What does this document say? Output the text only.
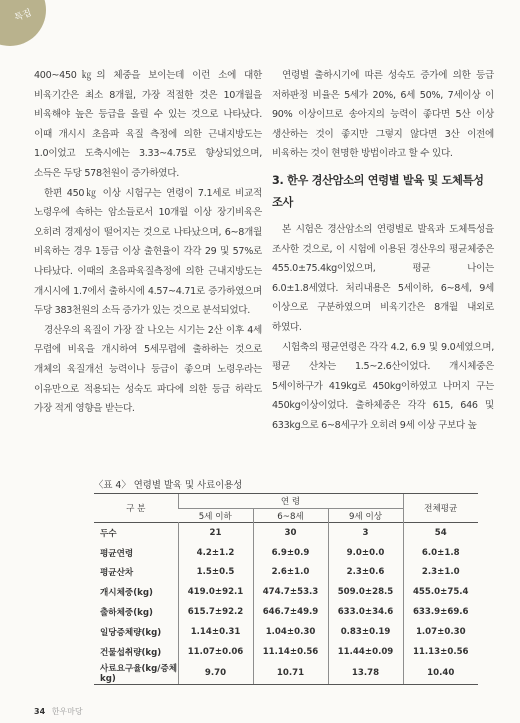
특집

400~450㎏의 체중을 보이는데 이런 소에 대한 비육기간은 최소 8개월, 가장 적절한 것은 10개월을 비육해야 높은 등급을 올릴 수 있는 것으로 나타났다. 이때 개시시 초음파 육질 측정에 의한 근내지방도는 1.0이었고 도축시에는 3.33~4.75로 향상되었으며, 소득은 두당 578천원이 증가하였다.

한편 450㎏ 이상 시험구는 연령이 7.1세로 비교적 노령우에 속하는 암소들로서 10개월 이상 장기비육은 오히려 경제성이 떨어지는 것으로 나타났으며, 6~8개월 비육하는 경우 1등급 이상 출현율이 각각 29 및 57%로 나타났다. 이때의 초음파육질측정에 의한 근내지방도는 개시시에 1.7에서 출하시에 4.57~4.71로 증가하였으며 두당 383천원의 소득 증가가 있는 것으로 분석되었다.

경산우의 육질이 가장 잘 나오는 시기는 2산 이후 4세 무렵에 비육을 개시하여 5세무렵에 출하하는 것으로 개체의 육질개선 능력이나 등급이 좋으며 노령우라는 이유만으로 적용되는 성숙도 파다에 의한 등급 하락도 가장 적게 영향을 받는다.

연령별 출하시기에 따른 성숙도 증가에 의한 등급 저하판정 비율은 5세가 20%, 6세 50%, 7세이상 이 90% 이상이므로 송아지의 능력이 좋다면 5산 이상 생산하는 것이 좋지만 그렇지 않다면 3산 이전에 비육하는 것이 현명한 방법이라고 할 수 있다.

3. 한우 경산암소의 연령별 발육 및 도체특성 조사

본 시험은 경산암소의 연령별로 발육과 도체특성을 조사한 것으로, 이 시험에 이용된 경산우의 평균체중은 455.0±75.4kg이었으며, 평균 나이는 6.0±1.8세였다. 처리내용은 5세이하, 6~8세, 9세 이상으로 구분하였으며 비육기간은 8개월 내외로 하였다.

시험축의 평균연령은 각각 4.2, 6.9 및 9.0세였으며, 평균 산차는 1.5~2.6산이었다. 개시체중은 5세이하구가 419kg로 450kg이하였고 나머지 구는 450kg이상이었다. 출하체중은 각각 615, 646 및 633kg으로 6~8세구가 오히려 9세 이상 구보다 높

〈표 4〉 연령별 발육 및 사료이용성
구 분	연 령			전체평균
	5세 이하	6~8세	9세 이상	
두수	21	30	3	54
평균연령	4.2±1.2	6.9±0.9	9.0±0.0	6.0±1.8
평균산차	1.5±0.5	2.6±1.0	2.3±0.6	2.3±1.0
개시체중(kg)	419.0±92.1	474.7±53.3	509.0±28.5	455.0±75.4
출하체중(kg)	615.7±92.2	646.7±49.9	633.0±34.6	633.9±69.6
일당증체량(kg)	1.14±0.31	1.04±0.30	0.83±0.19	1.07±0.30
건물섭취량(kg)	11.07±0.06	11.14±0.56	11.44±0.09	11.13±0.56
사료요구율(kg/증체 kg)	9.70	10.71	13.78	10.40
34 한우마당
